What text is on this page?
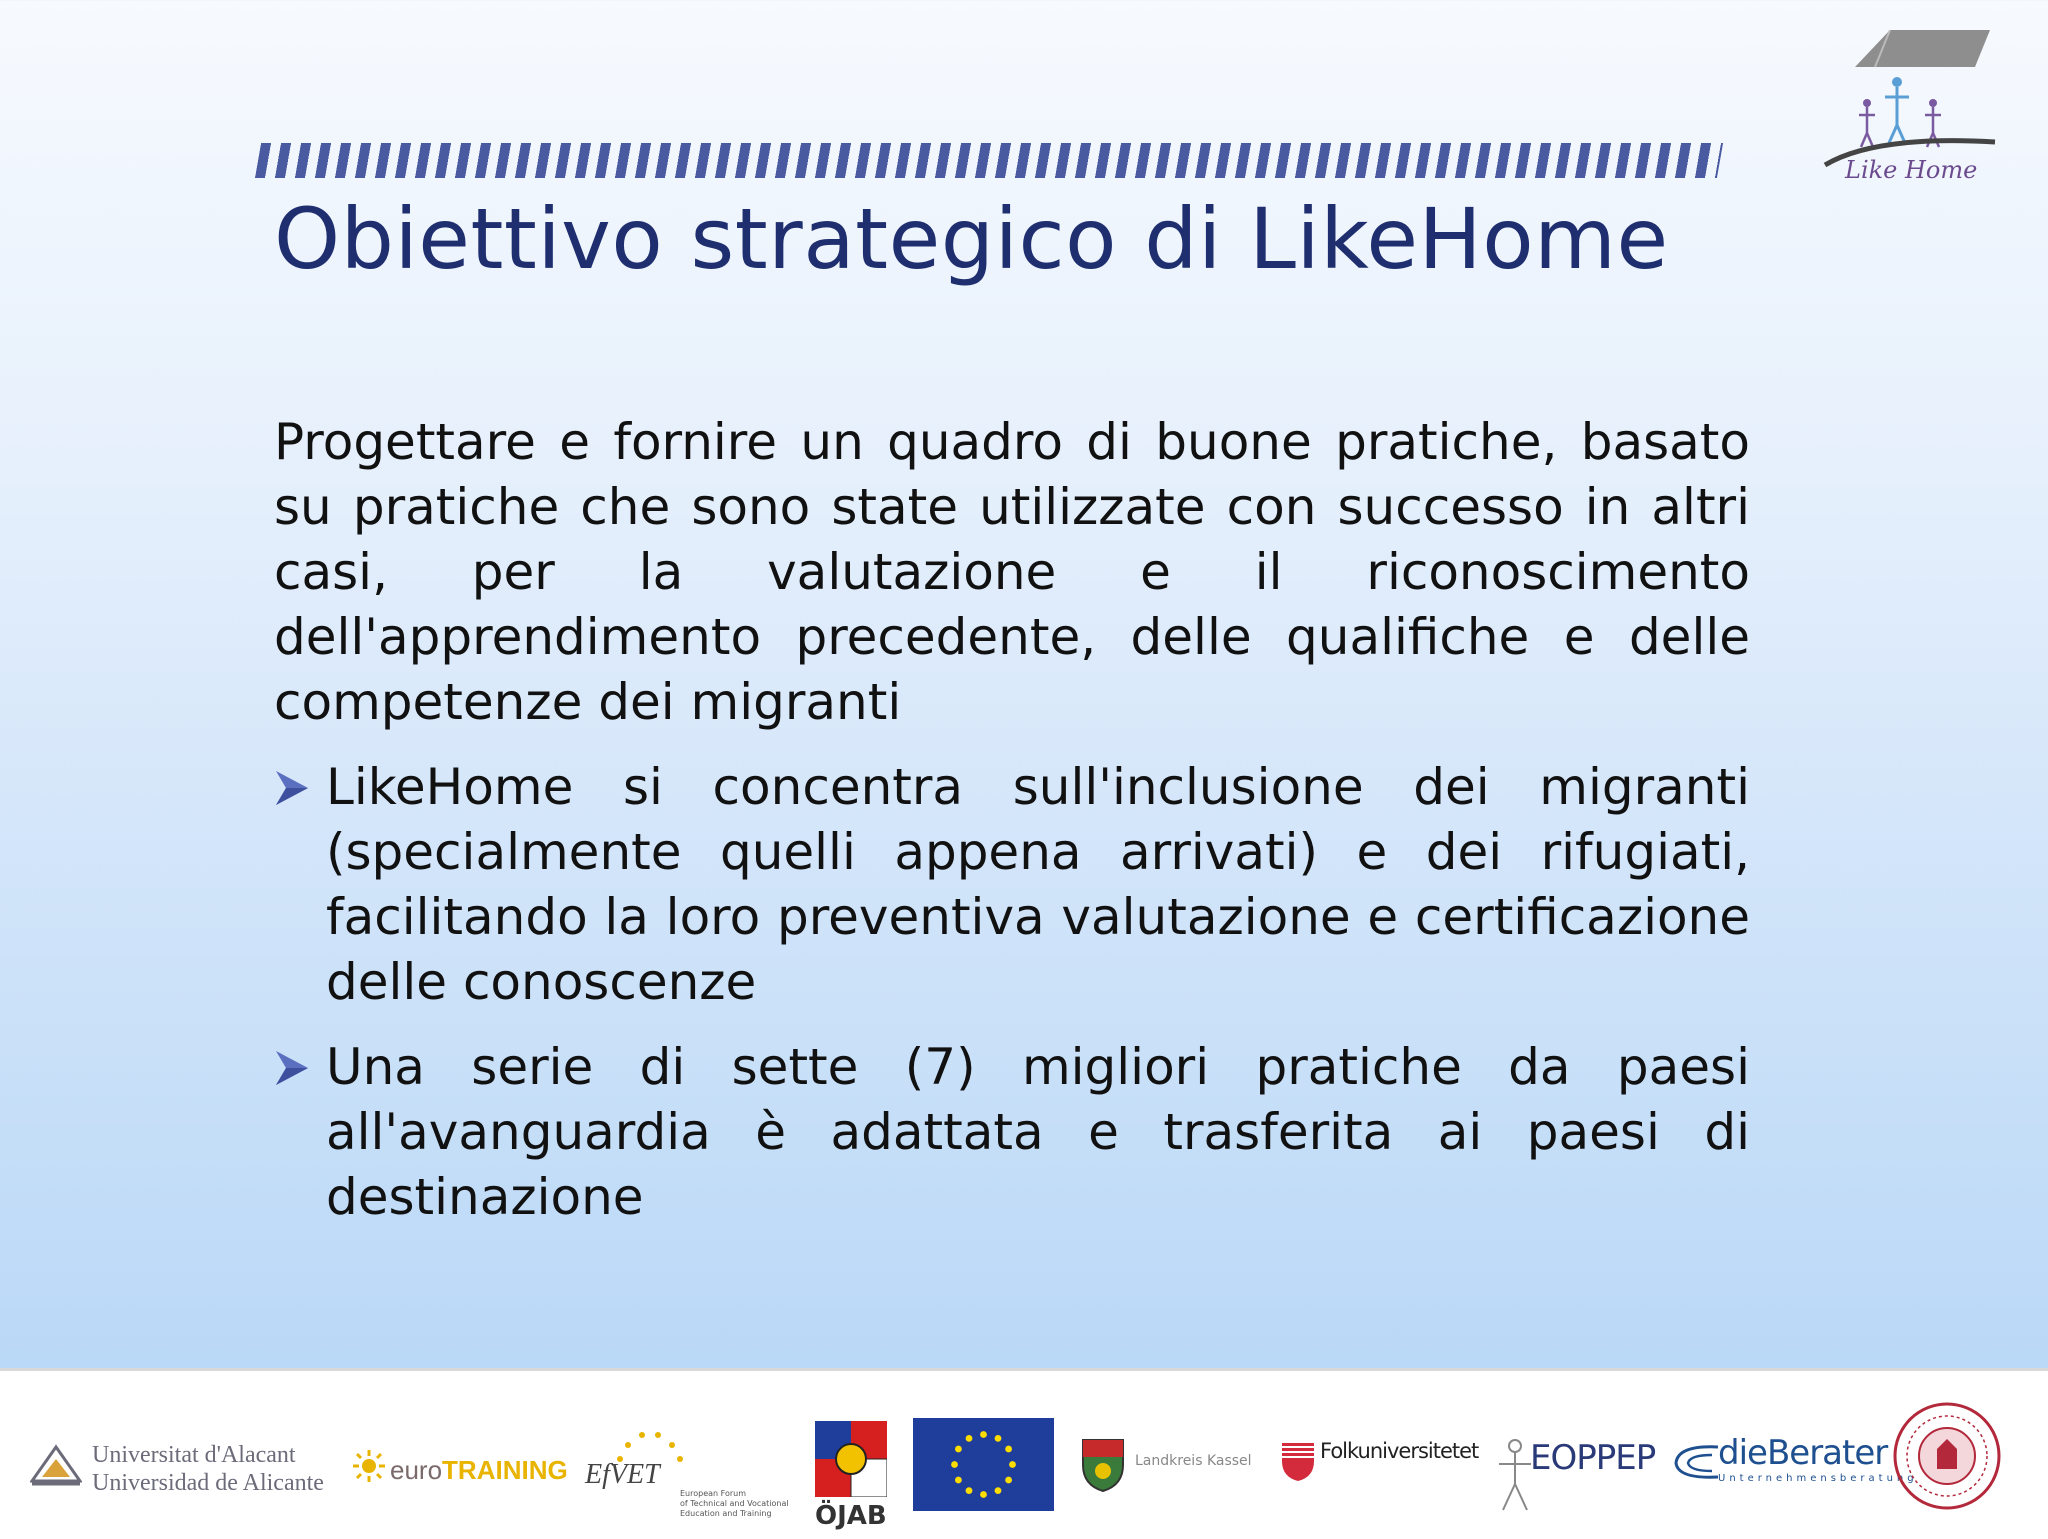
Like Home
Obiettivo strategico di LikeHome

Progettare e fornire un quadro di buone pratiche, basato su pratiche che sono state utilizzate con successo in altri casi, per la valutazione e il riconoscimento dell'apprendimento precedente, delle qualifiche e delle competenze dei migranti

LikeHome si concentra sull'inclusione dei migranti (specialmente quelli appena arrivati) e dei rifugiati, facilitando la loro preventiva valutazione e certificazione delle conoscenze
Una serie di sette (7) migliori pratiche da paesi all'avanguardia è adattata e trasferita ai paesi di destinazione
Universitat d'Alacant
Universidad de Alicante	euroTRAINING EfVET
European Forum
of Technical and Vocational
Education and Training	ÖJAB
Landkreis Kassel	Folkuniversitetet EOPPEP dieBerater
Unternehmensberatung
